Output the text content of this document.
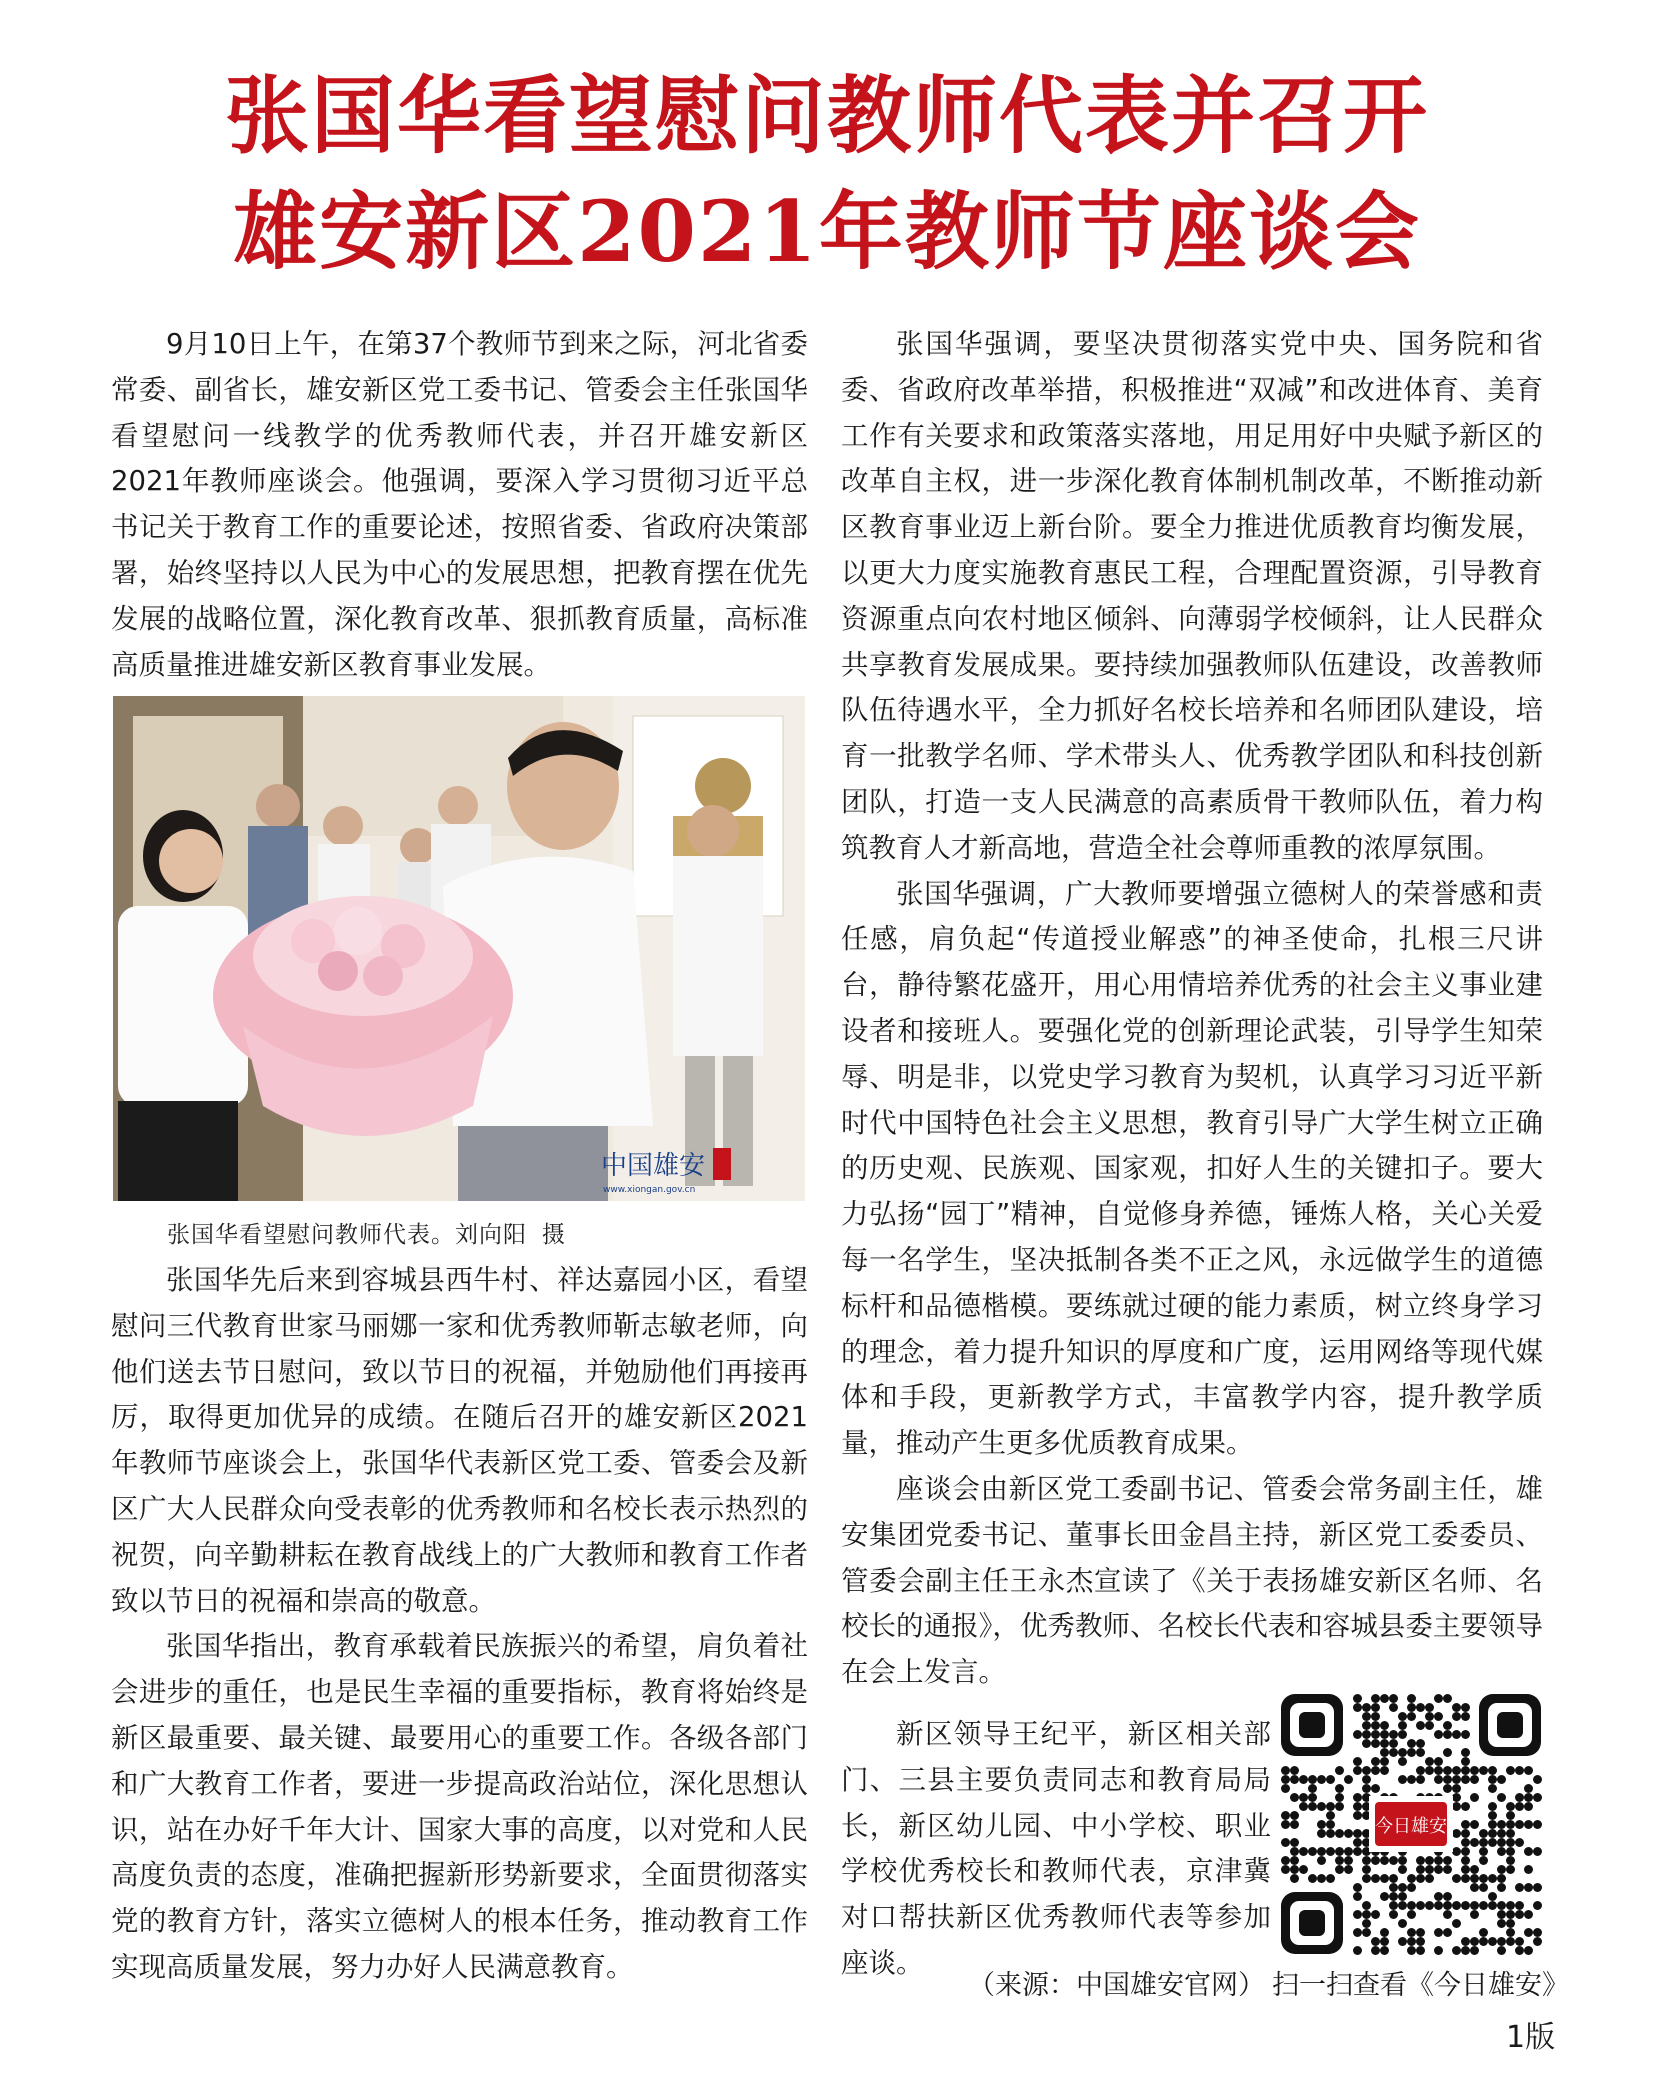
张国华看望慰问教师代表并召开
雄安新区2021年教师节座谈会

9月10日上午，在第37个教师节到来之际，河北省委常委、副省长，雄安新区党工委书记、管委会主任张国华看望慰问一线教学的优秀教师代表，并召开雄安新区2021年教师座谈会。他强调，要深入学习贯彻习近平总书记关于教育工作的重要论述，按照省委、省政府决策部署，始终坚持以人民为中心的发展思想，把教育摆在优先发展的战略位置，深化教育改革、狠抓教育质量，高标准高质量推进雄安新区教育事业发展。

中国雄安
www.xiongan.gov.cn
张国华看望慰问教师代表。刘向阳 摄

张国华先后来到容城县西牛村、祥达嘉园小区，看望慰问三代教育世家马丽娜一家和优秀教师靳志敏老师，向他们送去节日慰问，致以节日的祝福，并勉励他们再接再厉，取得更加优异的成绩。在随后召开的雄安新区2021年教师节座谈会上，张国华代表新区党工委、管委会及新区广大人民群众向受表彰的优秀教师和名校长表示热烈的祝贺，向辛勤耕耘在教育战线上的广大教师和教育工作者致以节日的祝福和崇高的敬意。

张国华指出，教育承载着民族振兴的希望，肩负着社会进步的重任，也是民生幸福的重要指标，教育将始终是新区最重要、最关键、最要用心的重要工作。各级各部门和广大教育工作者，要进一步提高政治站位，深化思想认识，站在办好千年大计、国家大事的高度，以对党和人民高度负责的态度，准确把握新形势新要求，全面贯彻落实党的教育方针，落实立德树人的根本任务，推动教育工作实现高质量发展，努力办好人民满意教育。

张国华强调，要坚决贯彻落实党中央、国务院和省委、省政府改革举措，积极推进“双减”和改进体育、美育工作有关要求和政策落实落地，用足用好中央赋予新区的改革自主权，进一步深化教育体制机制改革，不断推动新区教育事业迈上新台阶。要全力推进优质教育均衡发展，以更大力度实施教育惠民工程，合理配置资源，引导教育资源重点向农村地区倾斜、向薄弱学校倾斜，让人民群众共享教育发展成果。要持续加强教师队伍建设，改善教师队伍待遇水平，全力抓好名校长培养和名师团队建设，培育一批教学名师、学术带头人、优秀教学团队和科技创新团队，打造一支人民满意的高素质骨干教师队伍，着力构筑教育人才新高地，营造全社会尊师重教的浓厚氛围。

张国华强调，广大教师要增强立德树人的荣誉感和责任感，肩负起“传道授业解惑”的神圣使命，扎根三尺讲台，静待繁花盛开，用心用情培养优秀的社会主义事业建设者和接班人。要强化党的创新理论武装，引导学生知荣辱、明是非，以党史学习教育为契机，认真学习习近平新时代中国特色社会主义思想，教育引导广大学生树立正确的历史观、民族观、国家观，扣好人生的关键扣子。要大力弘扬“园丁”精神，自觉修身养德，锤炼人格，关心关爱每一名学生，坚决抵制各类不正之风，永远做学生的道德标杆和品德楷模。要练就过硬的能力素质，树立终身学习的理念，着力提升知识的厚度和广度，运用网络等现代媒体和手段，更新教学方式，丰富教学内容，提升教学质量，推动产生更多优质教育成果。

座谈会由新区党工委副书记、管委会常务副主任，雄安集团党委书记、董事长田金昌主持，新区党工委委员、管委会副主任王永杰宣读了《关于表扬雄安新区名师、名校长的通报》，优秀教师、名校长代表和容城县委主要领导在会上发言。

新区领导王纪平，新区相关部门、三县主要负责同志和教育局局长，新区幼儿园、中小学校、职业学校优秀校长和教师代表，京津冀对口帮扶新区优秀教师代表等参加座谈。

（来源：中国雄安官网）
今日雄安
扫一扫查看《今日雄安》
1版
